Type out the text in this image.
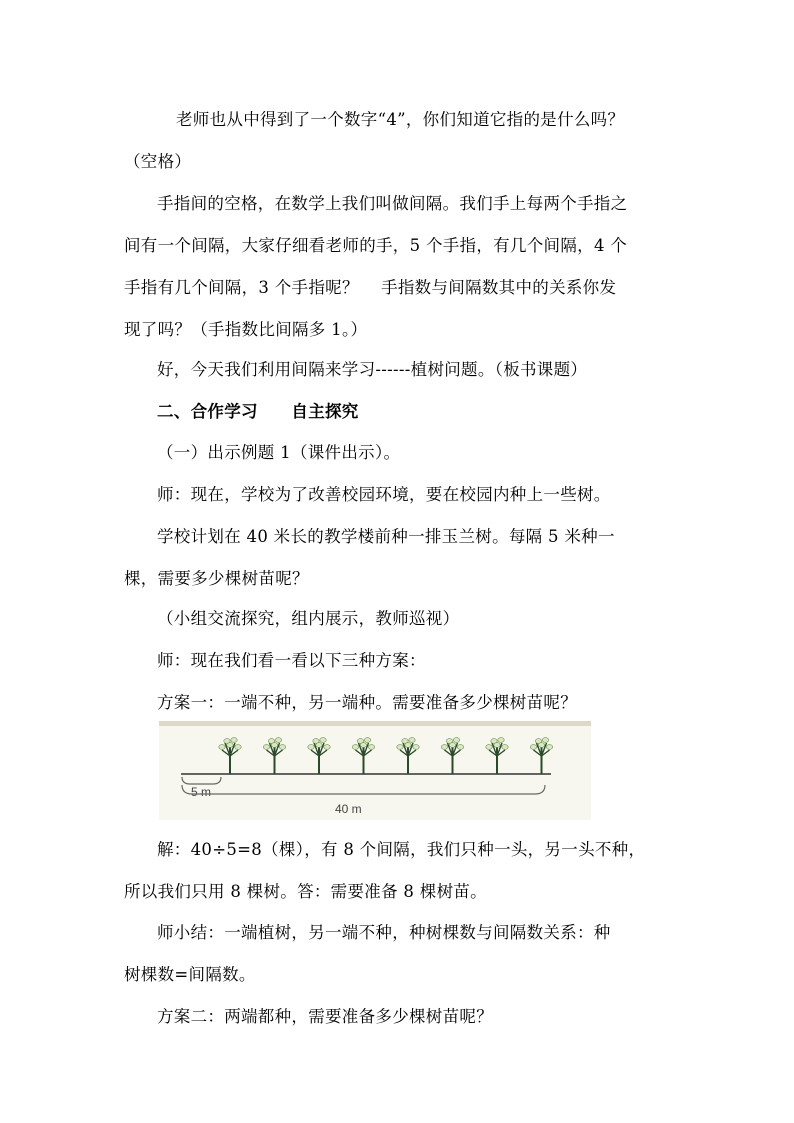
老师也从中得到了一个数字“4”，你们知道它指的是什么吗？
（空格）
手指间的空格，在数学上我们叫做间隔。我们手上每两个手指之
间有一个间隔，大家仔细看老师的手，5 个手指，有几个间隔，4 个
手指有几个间隔，3 个手指呢？　 手指数与间隔数其中的关系你发
现了吗？（手指数比间隔多 1。）
好，今天我们利用间隔来学习------植树问题。（板书课题）
二、合作学习　　自主探究
（一）出示例题 1（课件出示）。
师：现在，学校为了改善校园环境，要在校园内种上一些树。
学校计划在 40 米长的教学楼前种一排玉兰树。每隔 5 米种一
棵，需要多少棵树苗呢？
（小组交流探究，组内展示，教师巡视）
师：现在我们看一看以下三种方案：
方案一：一端不种，另一端种。需要准备多少棵树苗呢？
5 m
40 m
解：40÷5=8（棵），有 8 个间隔，我们只种一头，另一头不种，
所以我们只用 8 棵树。答：需要准备 8 棵树苗。
师小结：一端植树，另一端不种，种树棵数与间隔数关系：种
树棵数=间隔数。
方案二：两端都种，需要准备多少棵树苗呢？
